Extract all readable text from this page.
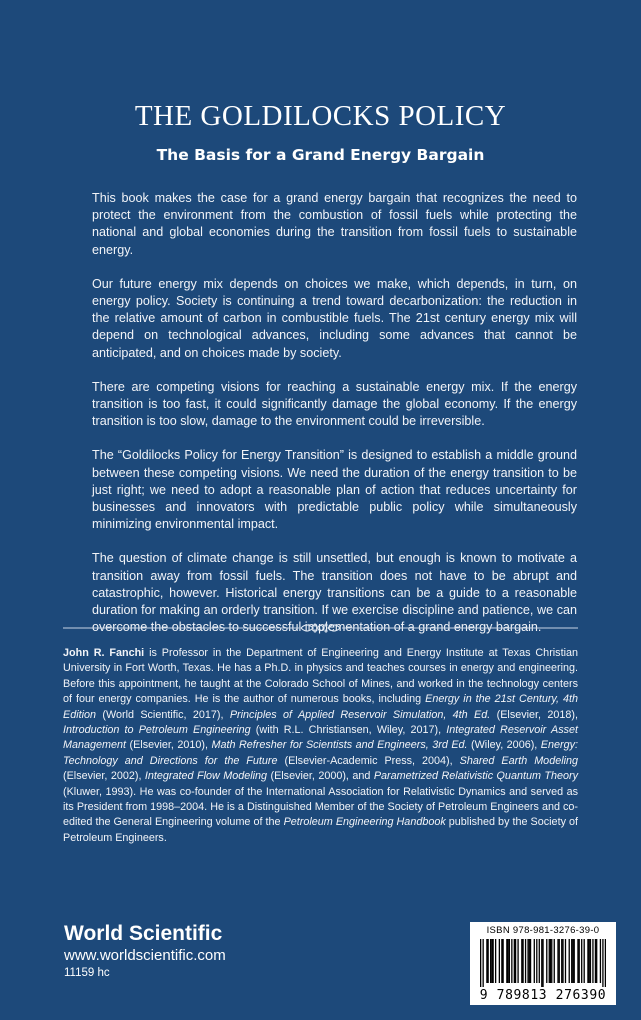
THE GOLDILOCKS POLICY
The Basis for a Grand Energy Bargain

This book makes the case for a grand energy bargain that recognizes the need to protect the environment from the combustion of fossil fuels while protecting the national and global economies during the transition from fossil fuels to sustainable energy.

Our future energy mix depends on choices we make, which depends, in turn, on energy policy. Society is continuing a trend toward decarbonization: the reduction in the relative amount of carbon in combustible fuels. The 21st century energy mix will depend on technological advances, including some advances that cannot be anticipated, and on choices made by society.

There are competing visions for reaching a sustainable energy mix. If the energy transition is too fast, it could significantly damage the global economy. If the energy transition is too slow, damage to the environment could be irreversible.

The “Goldilocks Policy for Energy Transition” is designed to establish a middle ground between these competing visions. We need the duration of the energy transition to be just right; we need to adopt a reasonable plan of action that reduces uncertainty for businesses and innovators with predictable public policy while simultaneously minimizing environmental impact.

The question of climate change is still unsettled, but enough is known to motivate a transition away from fossil fuels. The transition does not have to be abrupt and catastrophic, however. Historical energy transitions can be a guide to a reasonable duration for making an orderly transition. If we exercise discipline and patience, we can overcome the obstacles to successful implementation of a grand energy bargain.

John R. Fanchi is Professor in the Department of Engineering and Energy Institute at Texas Christian University in Fort Worth, Texas. He has a Ph.D. in physics and teaches courses in energy and engineering. Before this appointment, he taught at the Colorado School of Mines, and worked in the technology centers of four energy companies. He is the author of numerous books, including Energy in the 21st Century, 4th Edition (World Scientific, 2017), Principles of Applied Reservoir Simulation, 4th Ed. (Elsevier, 2018), Introduction to Petroleum Engineering (with R.L. Christiansen, Wiley, 2017), Integrated Reservoir Asset Management (Elsevier, 2010), Math Refresher for Scientists and Engineers, 3rd Ed. (Wiley, 2006), Energy: Technology and Directions for the Future (Elsevier-Academic Press, 2004), Shared Earth Modeling (Elsevier, 2002), Integrated Flow Modeling (Elsevier, 2000), and Parametrized Relativistic Quantum Theory (Kluwer, 1993). He was co-founder of the International Association for Relativistic Dynamics and served as its President from 1998–2004. He is a Distinguished Member of the Society of Petroleum Engineers and co-edited the General Engineering volume of the Petroleum Engineering Handbook published by the Society of Petroleum Engineers.

World Scientific
www.worldscientific.com
11159 hc
ISBN 978-981-3276-39-0
9 789813 276390
